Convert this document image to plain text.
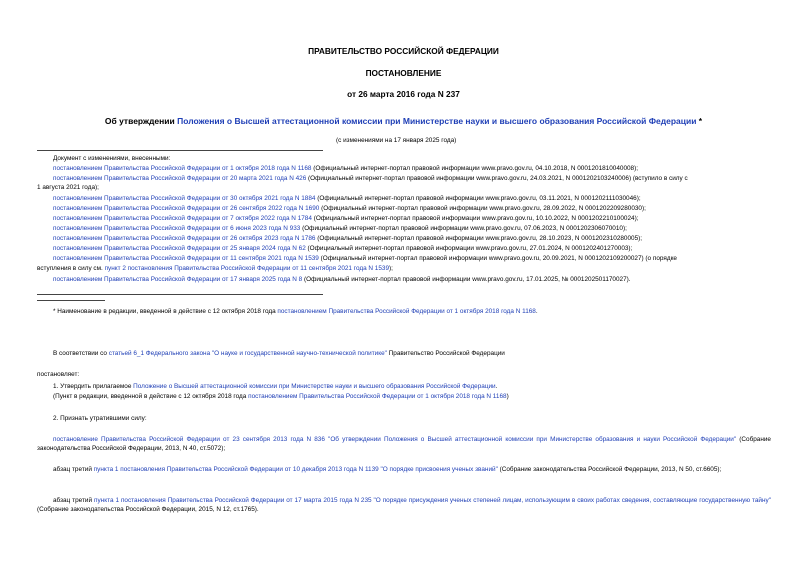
ПРАВИТЕЛЬСТВО РОССИЙСКОЙ ФЕДЕРАЦИИ
ПОСТАНОВЛЕНИЕ
от 26 марта 2016 года N 237
Об утверждении Положения о Высшей аттестационной комиссии при Министерстве науки и высшего образования Российской Федерации *
(с изменениями на 17 января 2025 года)
Документ с изменениями, внесенными:
постановлением Правительства Российской Федерации от 1 октября 2018 года N 1168 (Официальный интернет-портал правовой информации www.pravo.gov.ru, 04.10.2018, N 0001201810040008);
постановлением Правительства Российской Федерации от 20 марта 2021 года N 426 (Официальный интернет-портал правовой информации www.pravo.gov.ru, 24.03.2021, N 0001202103240006) (вступило в силу с
1 августа 2021 года);
постановлением Правительства Российской Федерации от 30 октября 2021 года N 1884 (Официальный интернет-портал правовой информации www.pravo.gov.ru, 03.11.2021, N 0001202111030046);
постановлением Правительства Российской Федерации от 26 сентября 2022 года N 1690 (Официальный интернет-портал правовой информации www.pravo.gov.ru, 28.09.2022, N 0001202209280030);
постановлением Правительства Российской Федерации от 7 октября 2022 года N 1784 (Официальный интернет-портал правовой информации www.pravo.gov.ru, 10.10.2022, N 0001202210100024);
постановлением Правительства Российской Федерации от 6 июня 2023 года N 933 (Официальный интернет-портал правовой информации www.pravo.gov.ru, 07.06.2023, N 0001202306070010);
постановлением Правительства Российской Федерации от 26 октября 2023 года N 1786 (Официальный интернет-портал правовой информации www.pravo.gov.ru, 28.10.2023, N 0001202310280005);
постановлением Правительства Российской Федерации от 25 января 2024 года N 62 (Официальный интернет-портал правовой информации www.pravo.gov.ru, 27.01.2024, N 0001202401270003);
постановлением Правительства Российской Федерации от 11 сентября 2021 года N 1539 (Официальный интернет-портал правовой информации www.pravo.gov.ru, 20.09.2021, N 0001202109200027) (о порядке
вступления в силу см. пункт 2 постановления Правительства Российской Федерации от 11 сентября 2021 года N 1539);
постановлением Правительства Российской Федерации от 17 января 2025 года N 8 (Официальный интернет-портал правовой информации www.pravo.gov.ru, 17.01.2025, № 0001202501170027).
* Наименование в редакции, введенной в действие с 12 октября 2018 года постановлением Правительства Российской Федерации от 1 октября 2018 года N 1168.
В соответствии со статьей 6_1 Федерального закона "О науке и государственной научно-технической политике" Правительство Российской Федерации
постановляет:
1. Утвердить прилагаемое Положение о Высшей аттестационной комиссии при Министерстве науки и высшего образования Российской Федерации.
(Пункт в редакции, введенной в действие с 12 октября 2018 года постановлением Правительства Российской Федерации от 1 октября 2018 года N 1168)
2. Признать утратившими силу:
постановление Правительства Российской Федерации от 23 сентября 2013 года N 836 "Об утверждении Положения о Высшей аттестационной комиссии при Министерстве образования и науки Российской Федерации" (Собрание законодательства Российской Федерации, 2013, N 40, ст.5072);
абзац третий пункта 1 постановления Правительства Российской Федерации от 10 декабря 2013 года N 1139 "О порядке присвоения ученых званий" (Собрание законодательства Российской Федерации, 2013, N 50, ст.6605);
абзац третий пункта 1 постановления Правительства Российской Федерации от 17 марта 2015 года N 235 "О порядке присуждения ученых степеней лицам, использующим в своих работах сведения, составляющие государственную тайну" (Собрание законодательства Российской Федерации, 2015, N 12, ст.1765).
